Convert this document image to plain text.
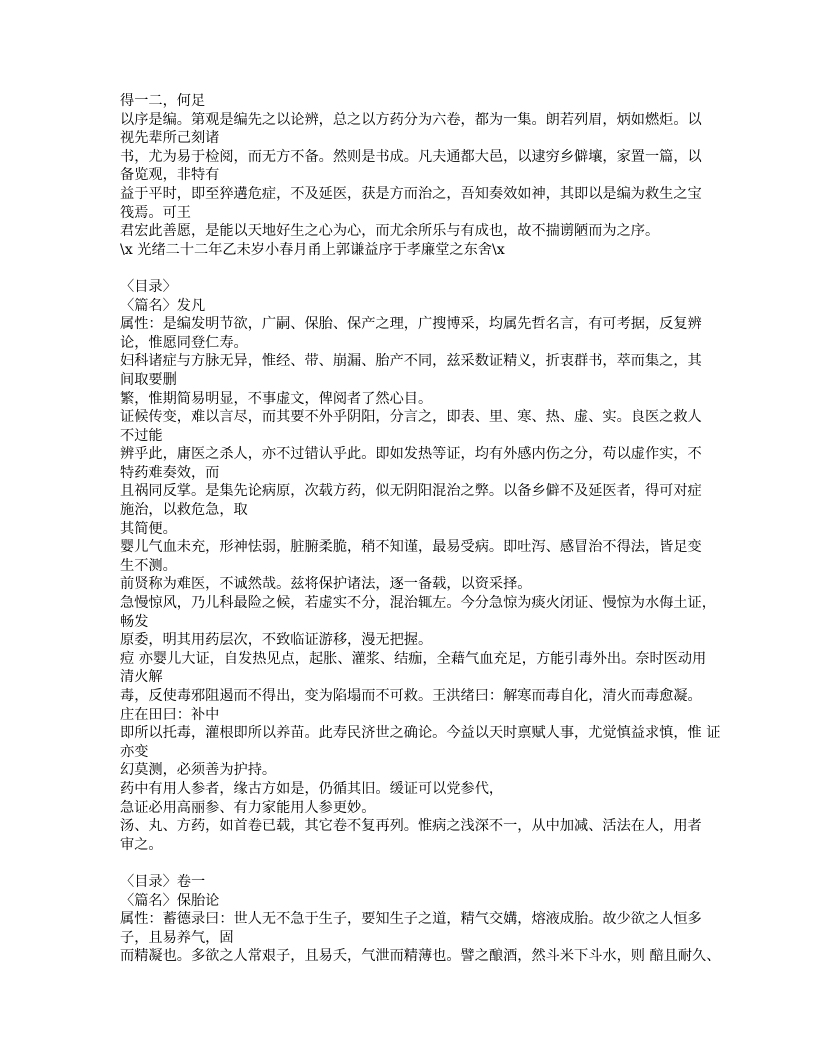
得一二，何足
以序是编。第观是编先之以论辨，总之以方药分为六卷，都为一集。朗若列眉，炳如燃炬。以
视先辈所己刻诸
书，尤为易于检阅，而无方不备。然则是书成。凡夫通都大邑，以逮穷乡僻壤，家置一篇，以
备览观，非特有
益于平时，即至猝遘危症，不及延医，获是方而治之，吾知奏效如神，其即以是编为救生之宝
筏焉。可王
君宏此善愿，是能以天地好生之心为心，而尤余所乐与有成也，故不揣谫陋而为之序。
\x 光绪二十二年乙未岁小春月甬上郭谦益序于孝廉堂之东舍\x
〈目录〉
〈篇名〉发凡
属性：是编发明节欲，广嗣、保胎、保产之理，广搜博采，均属先哲名言，有可考据，反复辨
论，惟愿同登仁寿。
妇科诸症与方脉无异，惟经、带、崩漏、胎产不同，兹采数证精义，折衷群书，萃而集之，其
间取要删
繁，惟期简易明显，不事虚文，俾阅者了然心目。
证候传变，难以言尽，而其要不外乎阴阳，分言之，即表、里、寒、热、虚、实。良医之救人
不过能
辨乎此，庸医之杀人，亦不过错认乎此。即如发热等证，均有外感内伤之分，苟以虚作实，不
特药难奏效，而
且祸同反掌。是集先论病原，次载方药，似无阴阳混治之弊。以备乡僻不及延医者，得可对症
施治，以救危急，取
其简便。
婴儿气血未充，形神怯弱，脏腑柔脆，稍不知谨，最易受病。即吐泻、感冒治不得法，皆足变
生不测。
前贤称为难医，不诚然哉。兹将保护诸法，逐一备载，以资采择。
急慢惊风，乃儿科最险之候，若虚实不分，混治辄左。今分急惊为痰火闭证、慢惊为水侮土证，
畅发
原委，明其用药层次，不致临证游移，漫无把握。
痘 亦婴儿大证，自发热见点，起胀、灌浆、结痂，全藉气血充足，方能引毒外出。奈时医动用
清火解
毒，反使毒邪阻遏而不得出，变为陷塌而不可救。王洪绪曰：解寒而毒自化，清火而毒愈凝。
庄在田曰：补中
即所以托毒，灌根即所以养苗。此寿民济世之确论。今益以天时禀赋人事，尤觉慎益求慎，惟 证
亦变
幻莫测，必须善为护持。
药中有用人参者，缘古方如是，仍循其旧。缓证可以党参代，
急证必用高丽参、有力家能用人参更妙。
汤、丸、方药，如首卷已载，其它卷不复再列。惟病之浅深不一，从中加减、活法在人，用者
审之。
〈目录〉卷一
〈篇名〉保胎论
属性：蓄德录曰：世人无不急于生子，要知生子之道，精气交媾，熔液成胎。故少欲之人恒多
子，且易养气，固
而精凝也。多欲之人常艰子，且易夭，气泄而精薄也。譬之酿酒，然斗米下斗水，则 醅且耐久、
